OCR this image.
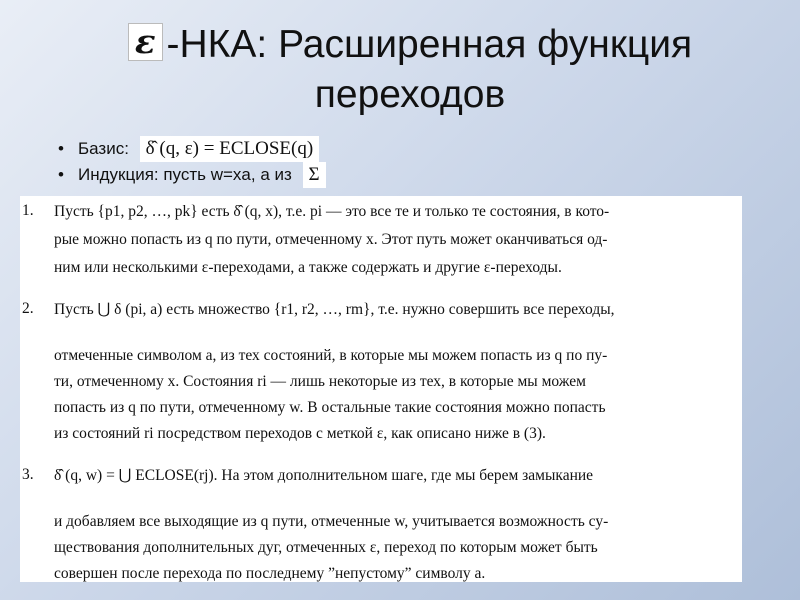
ε -НКА: Расширенная функция
переходов
• Базис: δ̂ (q, ε) = ECLOSE(q)
• Индукция: пусть w=xa, a из Σ
1. Пусть {p1, p2, …, pk} есть δ̂ (q, x), т.е. pi — это все те и только те состояния, в кото-
рые можно попасть из q по пути, отмеченному x. Этот путь может оканчиваться од-
ним или несколькими ε-переходами, а также содержать и другие ε-переходы.
2. Пусть ⋃ δ (pi, a) есть множество {r1, r2, …, rm}, т.е. нужно совершить все переходы,
отмеченные символом a, из тех состояний, в которые мы можем попасть из q по пу-
ти, отмеченному x. Состояния ri — лишь некоторые из тех, в которые мы можем
попасть из q по пути, отмеченному w. В остальные такие состояния можно попасть
из состояний ri посредством переходов с меткой ε, как описано ниже в (3).
3. δ̂ (q, w) = ⋃ ECLOSE(rj). На этом дополнительном шаге, где мы берем замыкание
и добавляем все выходящие из q пути, отмеченные w, учитывается возможность су-
ществования дополнительных дуг, отмеченных ε, переход по которым может быть
совершен после перехода по последнему ”непустому” символу a.
